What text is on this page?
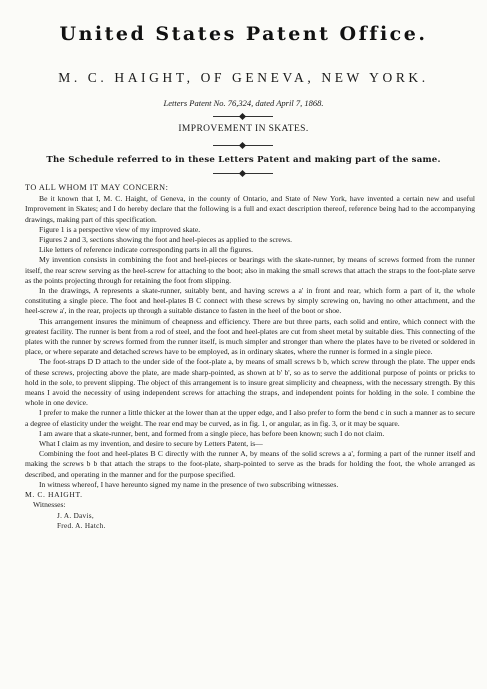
United States Patent Office.
M. C. HAIGHT, OF GENEVA, NEW YORK.
Letters Patent No. 76,324, dated April 7, 1868.
IMPROVEMENT IN SKATES.
The Schedule referred to in these Letters Patent and making part of the same.

TO ALL WHOM IT MAY CONCERN:

Be it known that I, M. C. Haight, of Geneva, in the county of Ontario, and State of New York, have invented a certain new and useful Improvement in Skates; and I do hereby declare that the following is a full and exact description thereof, reference being had to the accompanying drawings, making part of this specification.

Figure 1 is a perspective view of my improved skate.

Figures 2 and 3, sections showing the foot and heel-pieces as applied to the screws.

Like letters of reference indicate corresponding parts in all the figures.

My invention consists in combining the foot and heel-pieces or bearings with the skate-runner, by means of screws formed from the runner itself, the rear screw serving as the heel-screw for attaching to the boot; also in making the small screws that attach the straps to the foot-plate serve as the points projecting through for retaining the foot from slipping.

In the drawings, A represents a skate-runner, suitably bent, and having screws a a' in front and rear, which form a part of it, the whole constituting a single piece. The foot and heel-plates B C connect with these screws by simply screwing on, having no other attachment, and the heel-screw a', in the rear, projects up through a suitable distance to fasten in the heel of the boot or shoe.

This arrangement insures the minimum of cheapness and efficiency. There are but three parts, each solid and entire, which connect with the greatest facility. The runner is bent from a rod of steel, and the foot and heel-plates are cut from sheet metal by suitable dies. This connecting of the plates with the runner by screws formed from the runner itself, is much simpler and stronger than where the plates have to be riveted or soldered in place, or where separate and detached screws have to be employed, as in ordinary skates, where the runner is formed in a single piece.

The foot-straps D D attach to the under side of the foot-plate a, by means of small screws b b, which screw through the plate. The upper ends of these screws, projecting above the plate, are made sharp-pointed, as shown at b' b', so as to serve the additional purpose of points or pricks to hold in the sole, to prevent slipping. The object of this arrangement is to insure great simplicity and cheapness, with the necessary strength. By this means I avoid the necessity of using independent screws for attaching the straps, and independent points for holding in the sole. I combine the whole in one device.

I prefer to make the runner a little thicker at the lower than at the upper edge, and I also prefer to form the bend c in such a manner as to secure a degree of elasticity under the weight. The rear end may be curved, as in fig. 1, or angular, as in fig. 3, or it may be square.

I am aware that a skate-runner, bent, and formed from a single piece, has before been known; such I do not claim.

What I claim as my invention, and desire to secure by Letters Patent, is—

Combining the foot and heel-plates B C directly with the runner A, by means of the solid screws a a', forming a part of the runner itself and making the screws b b that attach the straps to the foot-plate, sharp-pointed to serve as the brads for holding the foot, the whole arranged as described, and operating in the manner and for the purpose specified.

In witness whereof, I have hereunto signed my name in the presence of two subscribing witnesses.

M. C. HAIGHT.

Witnesses:

J. A. Davis,

Fred. A. Hatch.
